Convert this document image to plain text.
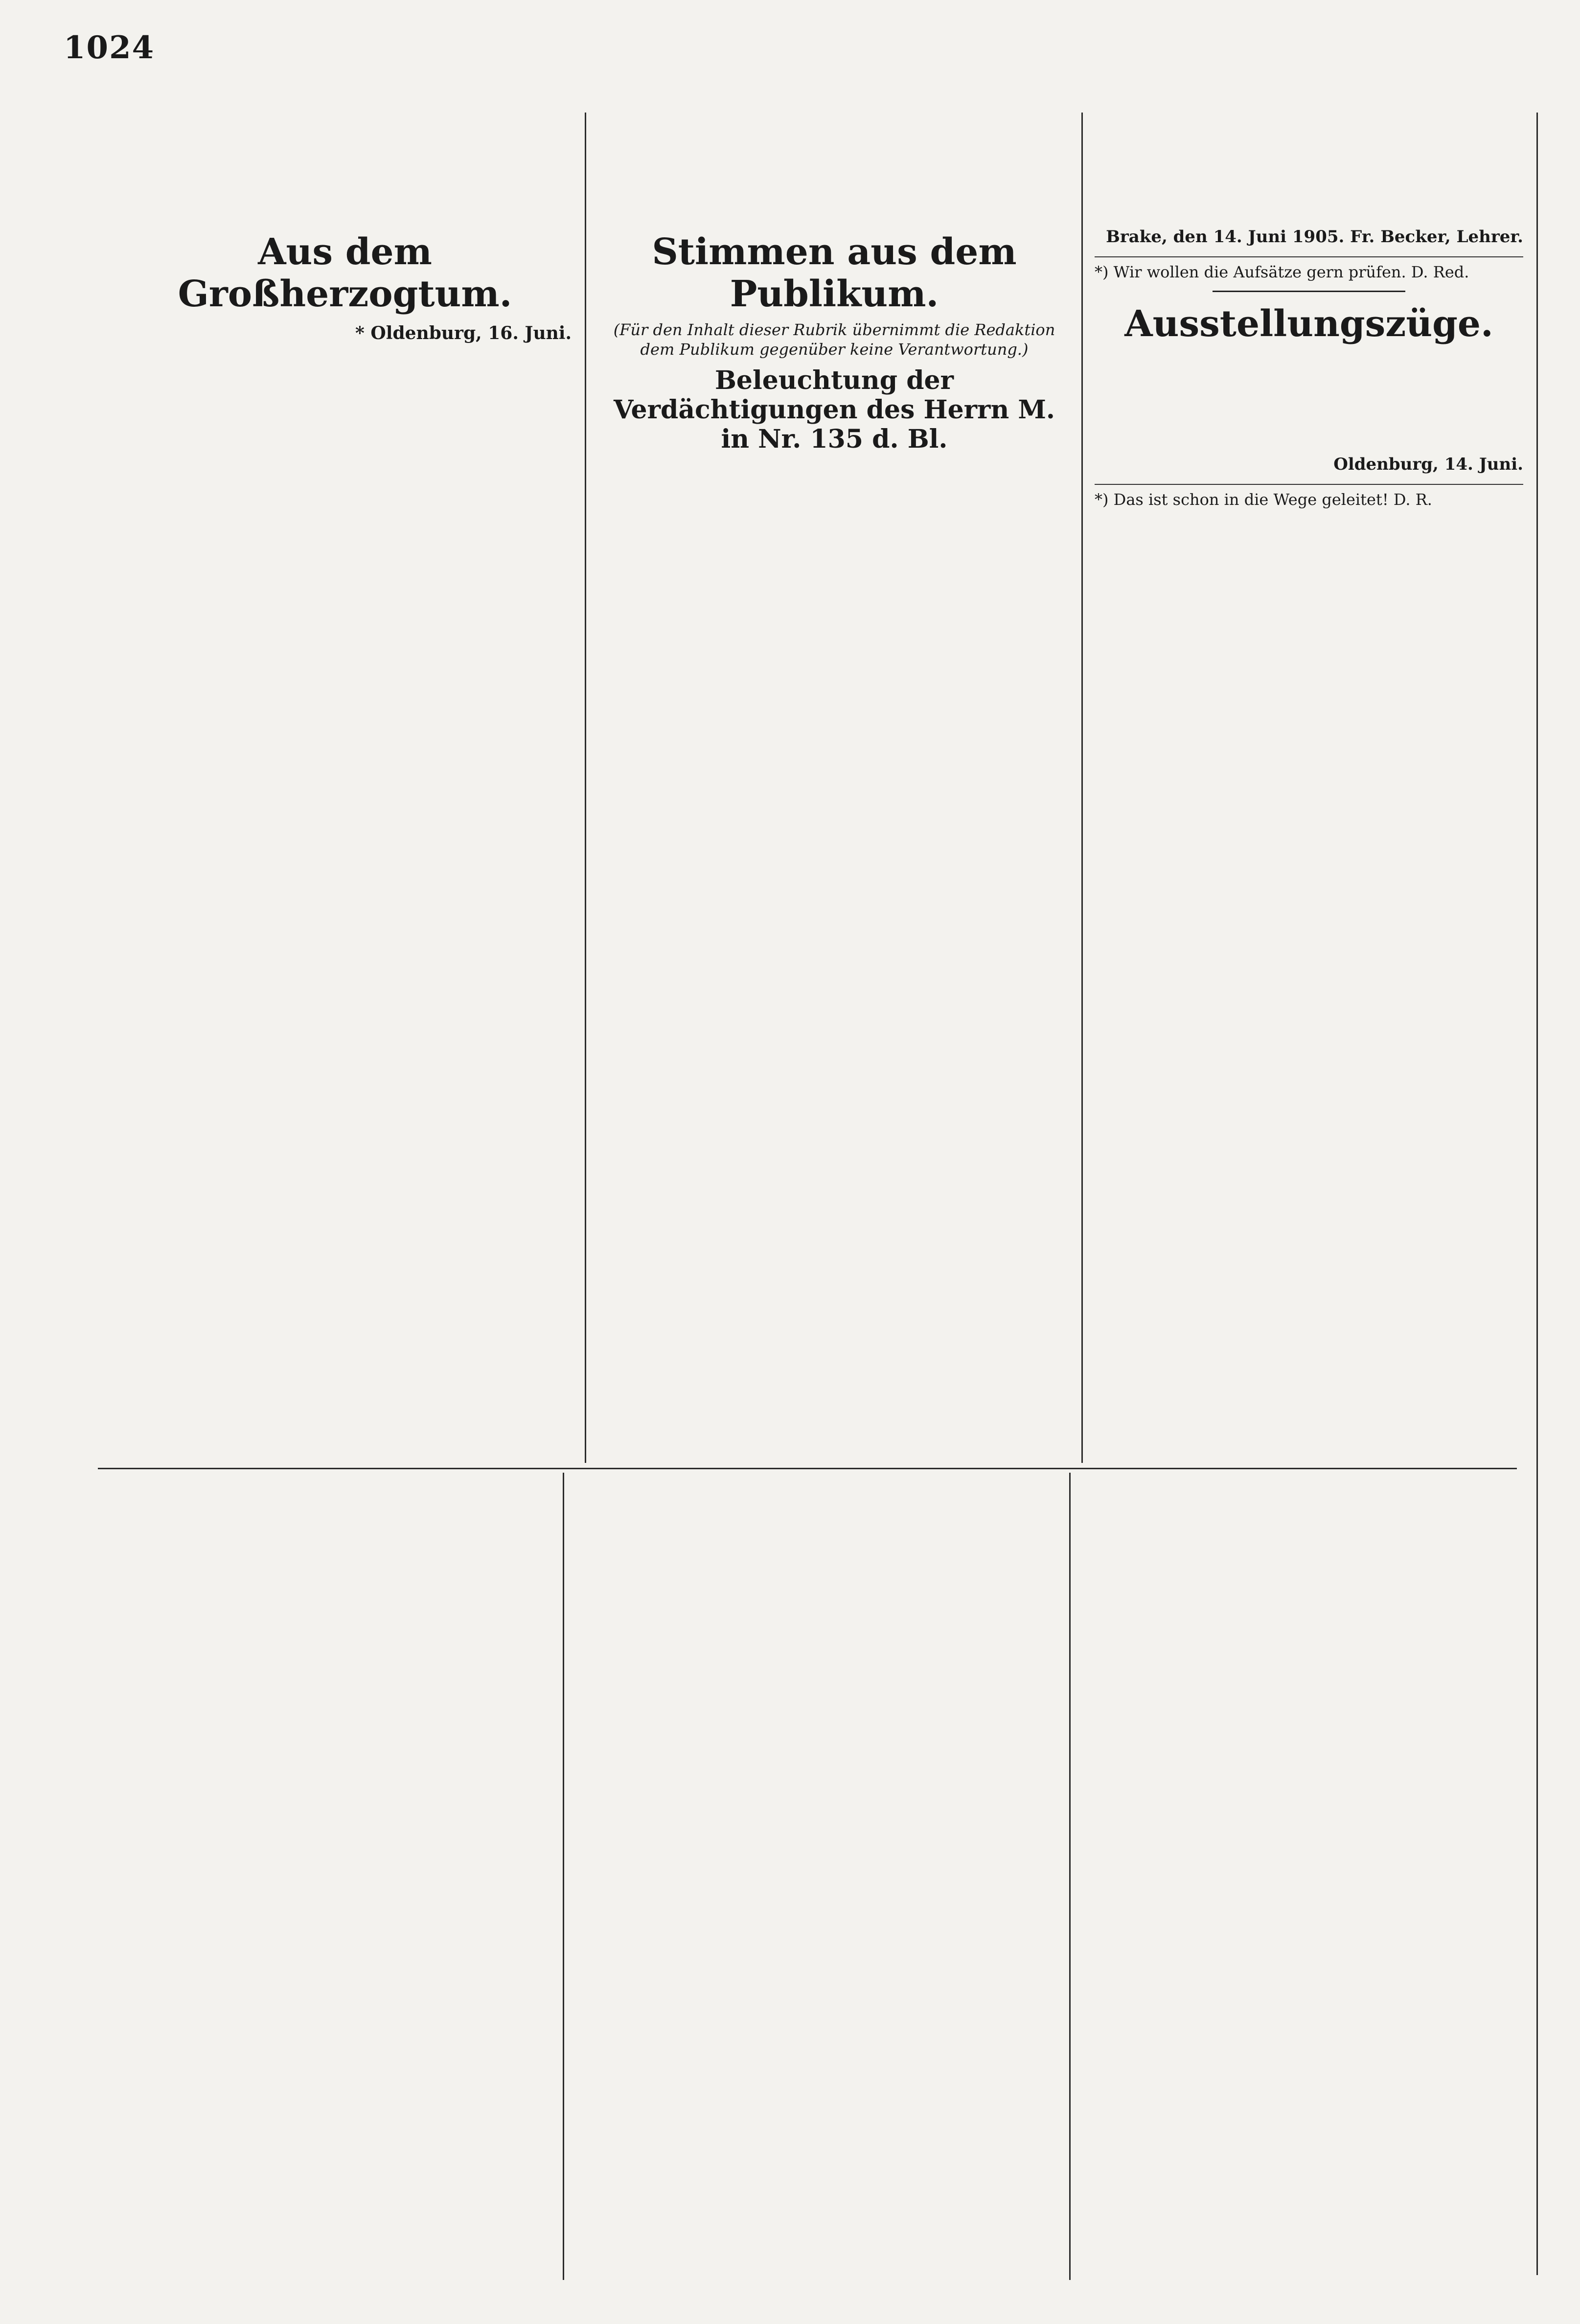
1024

Aus dem Großherzogtum.
* Oldenburg, 16. Juni.

Stimmen aus dem Publikum.
(Für den Inhalt dieser Rubrik übernimmt die Redaktion dem Publikum gegenüber keine Verantwortung.)
Beleuchtung der Verdächtigungen des Herrn M. in Nr. 135 d. Bl.

Brake, den 14. Juni 1905. Fr. Becker, Lehrer.
*) Wir wollen die Aufsätze gern prüfen. D. Red.
Ausstellungszüge.

Oldenburg, 14. Juni.
*) Das ist schon in die Wege geleitet! D. R.
